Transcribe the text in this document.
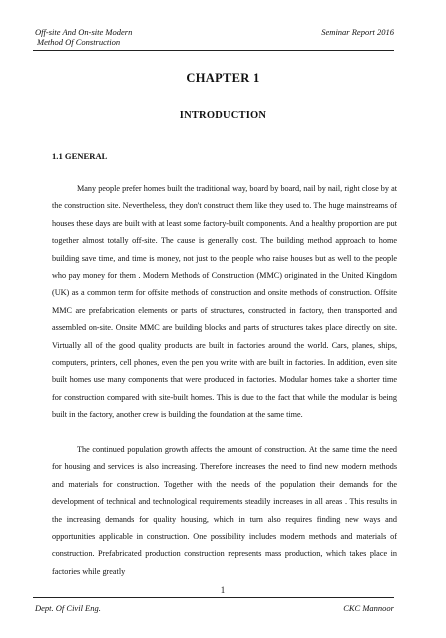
Off-site And On-site Modern
Method Of Construction
Seminar Report 2016
CHAPTER 1
INTRODUCTION
1.1 GENERAL
Many people prefer homes built the traditional way, board by board, nail by nail, right close by at the construction site. Nevertheless, they don't construct them like they used to. The huge mainstreams of houses these days are built with at least some factory-built components. And a healthy proportion are put together almost totally off-site. The cause is generally cost. The building method approach to home building save time, and time is money, not just to the people who raise houses but as well to the people who pay money for them . Modern Methods of Construction (MMC) originated in the United Kingdom (UK) as a common term for offsite methods of construction and onsite methods of construction. Offsite MMC are prefabrication elements or parts of structures, constructed in factory, then transported and assembled on-site. Onsite MMC are building blocks and parts of structures takes place directly on site. Virtually all of the good quality products are built in factories around the world. Cars, planes, ships, computers, printers, cell phones, even the pen you write with are built in factories. In addition, even site built homes use many components that were produced in factories. Modular homes take a shorter time for construction compared with site-built homes. This is due to the fact that while the modular is being built in the factory, another crew is building the foundation at the same time.
The continued population growth affects the amount of construction. At the same time the need for housing and services is also increasing. Therefore increases the need to find new modern methods and materials for construction. Together with the needs of the population their demands for the development of technical and technological requirements steadily increases in all areas . This results in the increasing demands for quality housing, which in turn also requires finding new ways and opportunities applicable in construction. One possibility includes modern methods and materials of construction. Prefabricated production construction represents mass production, which takes place in factories while greatly
1
Dept. Of Civil Eng.	CKC Mannoor
